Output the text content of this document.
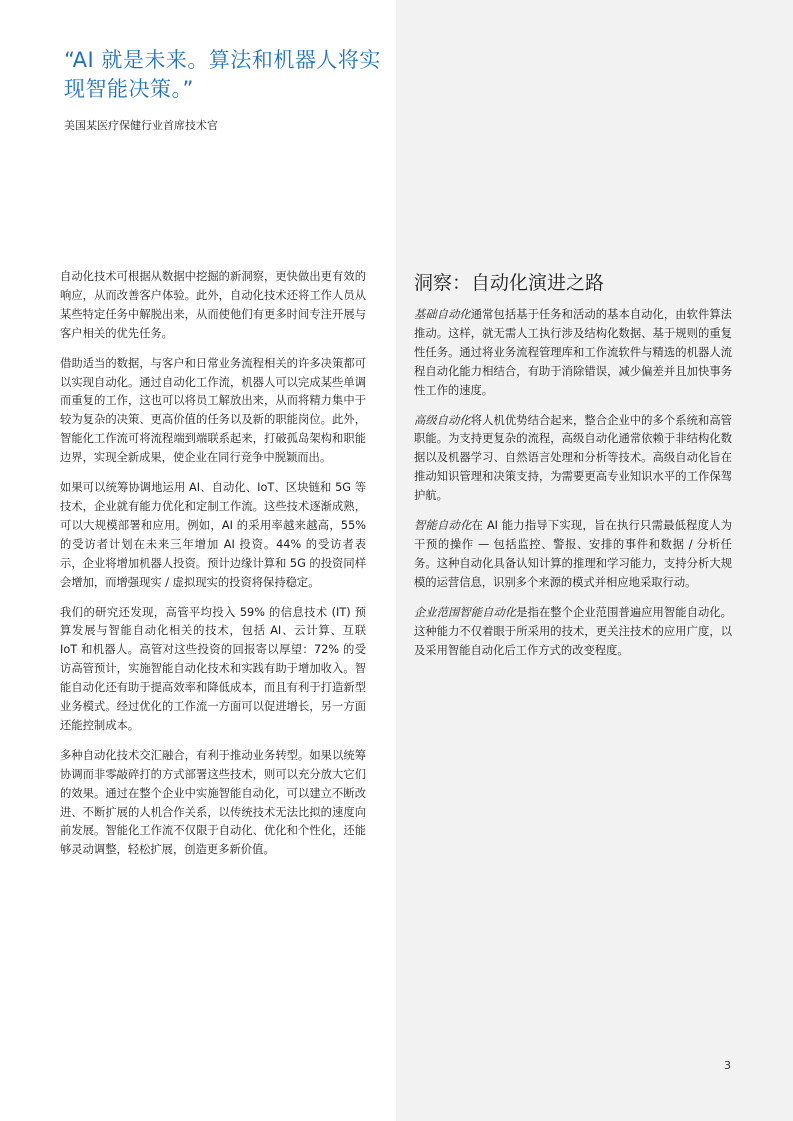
“AI 就是未来。算法和机器人将实现智能决策。”
美国某医疗保健行业首席技术官

自动化技术可根据从数据中挖掘的新洞察，更快做出更有效的响应，从而改善客户体验。此外，自动化技术还将工作人员从某些特定任务中解脱出来，从而使他们有更多时间专注开展与客户相关的优先任务。

借助适当的数据，与客户和日常业务流程相关的许多决策都可以实现自动化。通过自动化工作流，机器人可以完成某些单调而重复的工作，这也可以将员工解放出来，从而将精力集中于较为复杂的决策、更高价值的任务以及新的职能岗位。此外，智能化工作流可将流程端到端联系起来，打破孤岛架构和职能边界，实现全新成果，使企业在同行竞争中脱颖而出。

如果可以统筹协调地运用 AI、自动化、IoT、区块链和 5G 等技术，企业就有能力优化和定制工作流。这些技术逐渐成熟，可以大规模部署和应用。例如，AI 的采用率越来越高，55% 的受访者计划在未来三年增加 AI 投资。44% 的受访者表示，企业将增加机器人投资。预计边缘计算和 5G 的投资同样会增加，而增强现实 / 虚拟现实的投资将保持稳定。

我们的研究还发现，高管平均投入 59% 的信息技术 (IT) 预算发展与智能自动化相关的技术，包括 AI、云计算、互联 IoT 和机器人。高管对这些投资的回报寄以厚望：72% 的受访高管预计，实施智能自动化技术和实践有助于增加收入。智能自动化还有助于提高效率和降低成本，而且有利于打造新型业务模式。经过优化的工作流一方面可以促进增长，另一方面还能控制成本。

多种自动化技术交汇融合，有利于推动业务转型。如果以统筹协调而非零敲碎打的方式部署这些技术，则可以充分放大它们的效果。通过在整个企业中实施智能自动化，可以建立不断改进、不断扩展的人机合作关系，以传统技术无法比拟的速度向前发展。智能化工作流不仅限于自动化、优化和个性化，还能够灵动调整，轻松扩展，创造更多新价值。

洞察：自动化演进之路

基础自动化通常包括基于任务和活动的基本自动化，由软件算法推动。这样，就无需人工执行涉及结构化数据、基于规则的重复性任务。通过将业务流程管理库和工作流软件与精选的机器人流程自动化能力相结合，有助于消除错误，减少偏差并且加快事务性工作的速度。

高级自动化将人机优势结合起来，整合企业中的多个系统和高管职能。为支持更复杂的流程，高级自动化通常依赖于非结构化数据以及机器学习、自然语言处理和分析等技术。高级自动化旨在推动知识管理和决策支持，为需要更高专业知识水平的工作保驾护航。

智能自动化在 AI 能力指导下实现，旨在执行只需最低程度人为干预的操作 — 包括监控、警报、安排的事件和数据 / 分析任务。这种自动化具备认知计算的推理和学习能力，支持分析大规模的运营信息，识别多个来源的模式并相应地采取行动。

企业范围智能自动化是指在整个企业范围普遍应用智能自动化。这种能力不仅着眼于所采用的技术，更关注技术的应用广度，以及采用智能自动化后工作方式的改变程度。

3
